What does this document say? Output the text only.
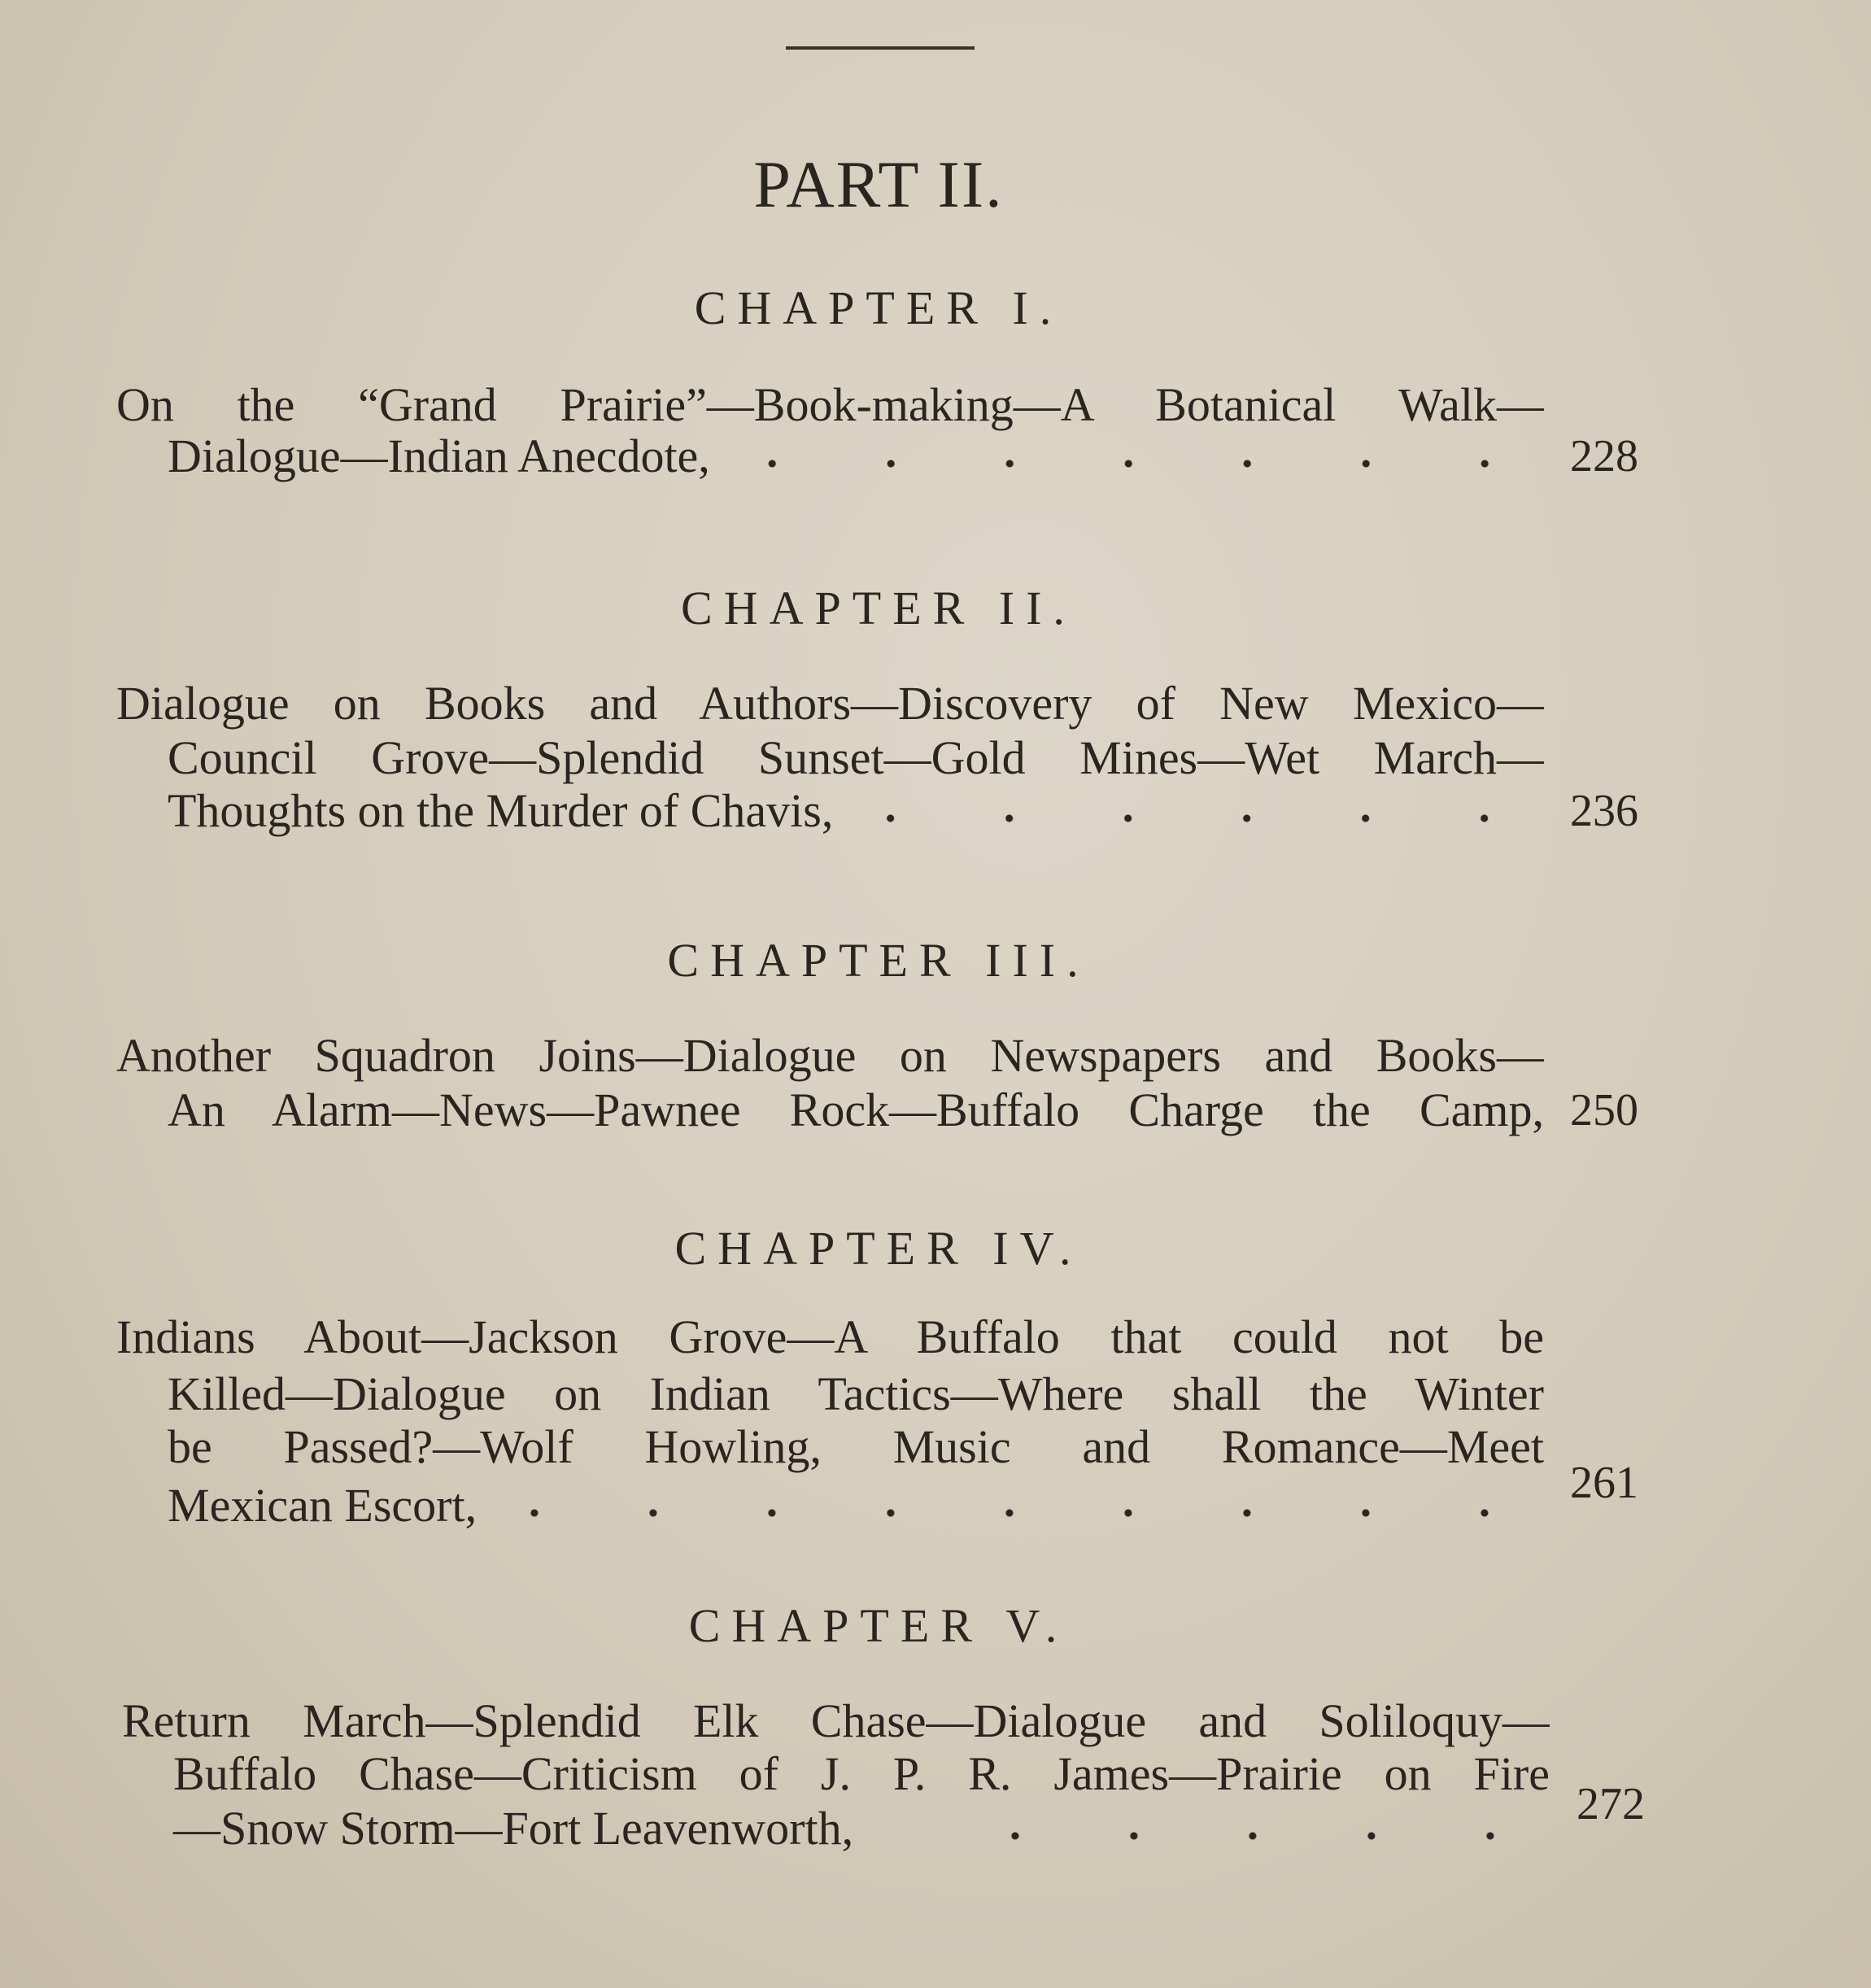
PART II.
CHAPTER I.
On the “Grand Prairie”—Book-making—A Botanical Walk—
Dialogue—Indian Anecdote,	228
CHAPTER II.
Dialogue on Books and Authors—Discovery of New Mexico—
Council Grove—Splendid Sunset—Gold Mines—Wet March—
Thoughts on the Murder of Chavis,	236
CHAPTER III.
Another Squadron Joins—Dialogue on Newspapers and Books—
An Alarm—News—Pawnee Rock—Buffalo Charge the Camp, 250
CHAPTER IV.
Indians About—Jackson Grove—A Buffalo that could not be
Killed—Dialogue on Indian Tactics—Where shall the Winter
be Passed?—Wolf Howling, Music and Romance—Meet
Mexican Escort,	261
CHAPTER V.
Return March—Splendid Elk Chase—Dialogue and Soliloquy—
Buffalo Chase—Criticism of J. P. R. James—Prairie on Fire
—Snow Storm—Fort Leavenworth,	272
